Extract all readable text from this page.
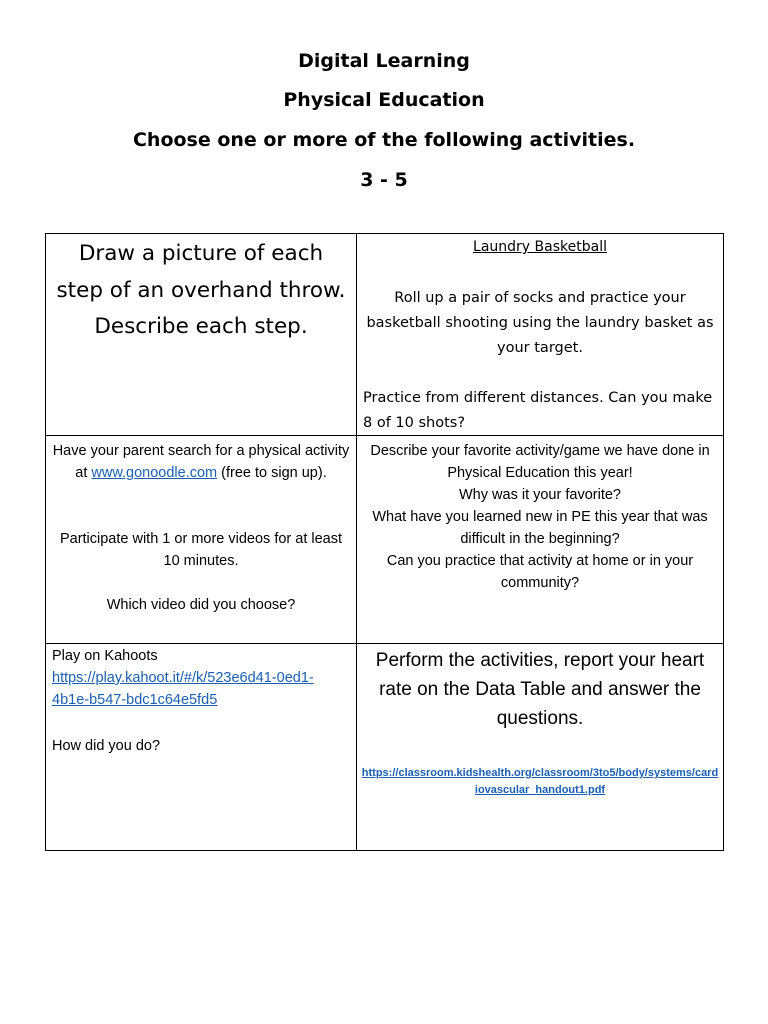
Digital Learning
Physical Education
Choose one or more of the following activities.
3 - 5
Draw a picture of each step of an overhand throw. Describe each step.
Laundry Basketball
Roll up a pair of socks and practice your basketball shooting using the laundry basket as your target.
Practice from different distances. Can you make 8 of 10 shots?
Have your parent search for a physical activity at www.gonoodle.com (free to sign up).
Participate with 1 or more videos for at least 10 minutes.
Which video did you choose?
Describe your favorite activity/game we have done in Physical Education this year!
Why was it your favorite?
What have you learned new in PE this year that was difficult in the beginning?
Can you practice that activity at home or in your community?
Play on Kahoots
https://play.kahoot.it/#/k/523e6d41-0ed1-4b1e-b547-bdc1c64e5fd5
How did you do?
Perform the activities, report your heart rate on the Data Table and answer the questions.
https://classroom.kidshealth.org/classroom/3to5/body/systems/cardiovascular_handout1.pdf
